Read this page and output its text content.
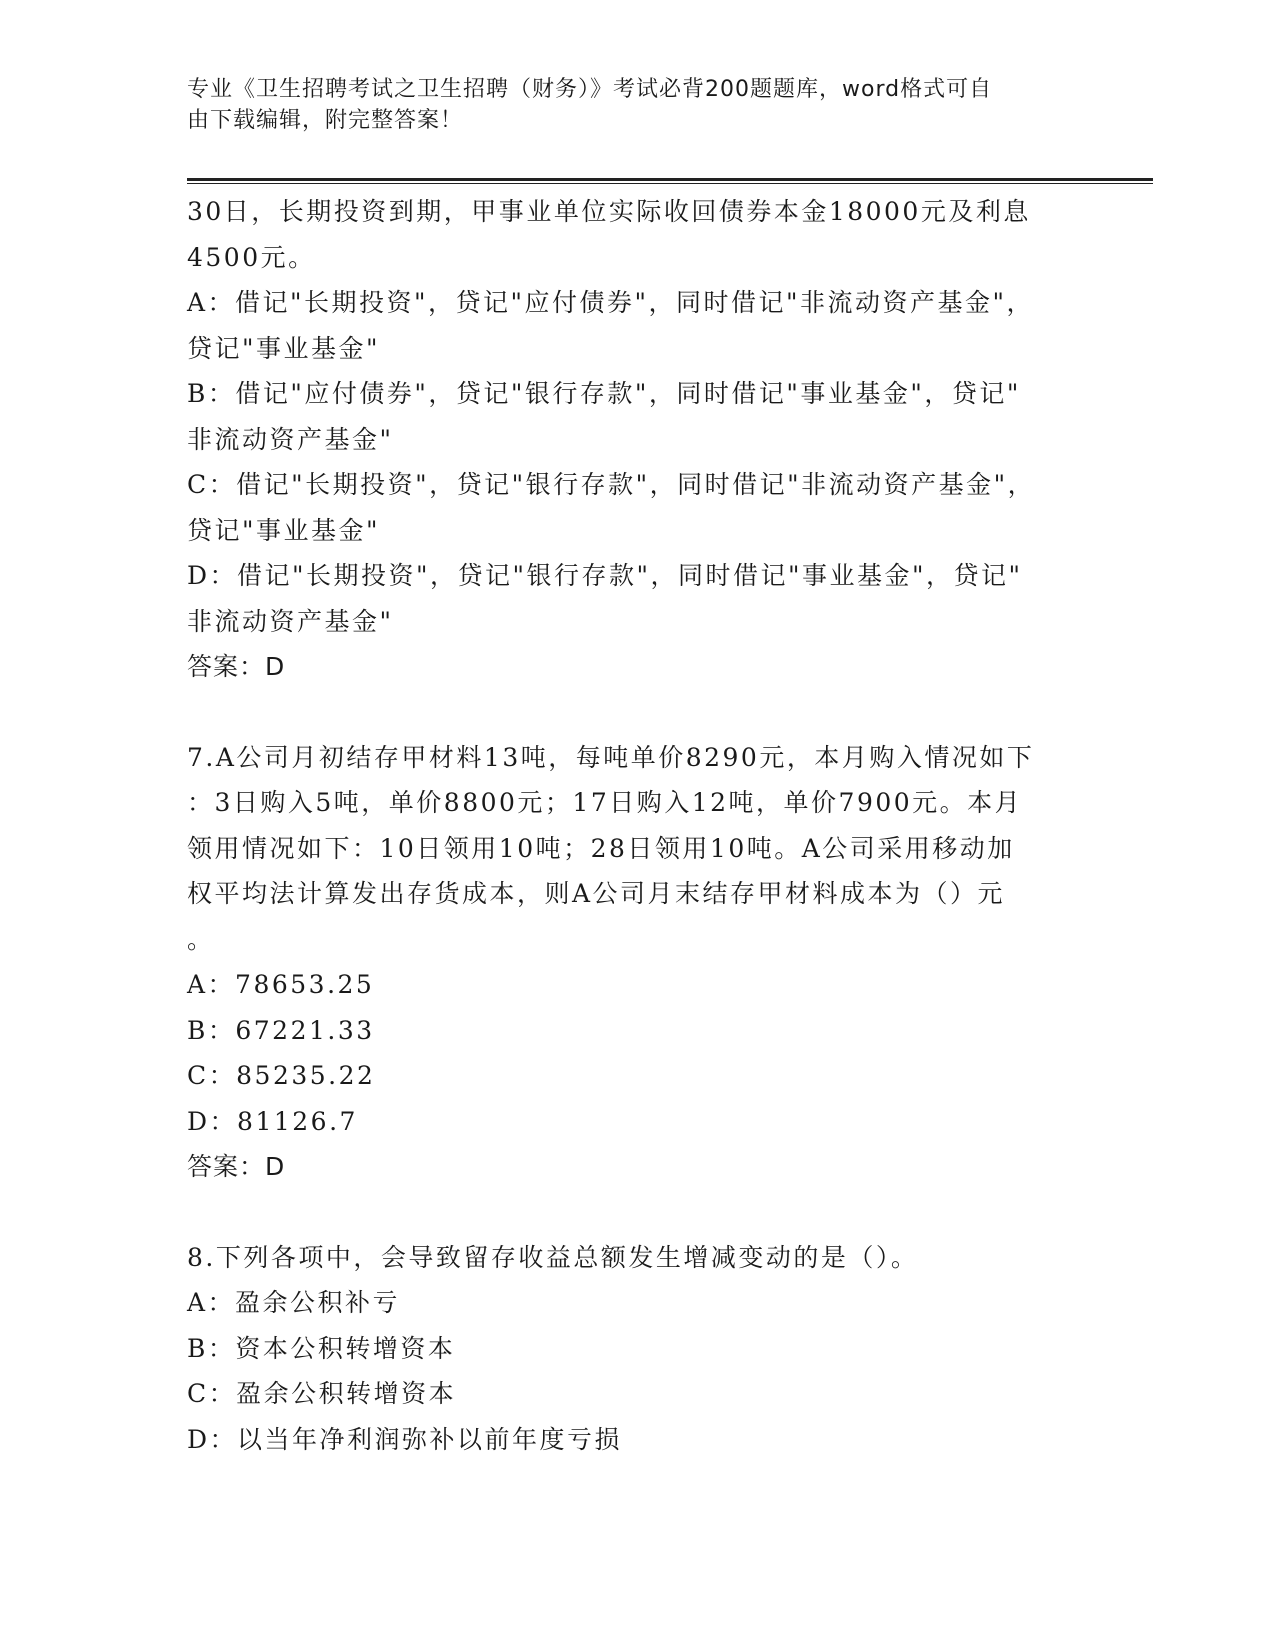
专业《卫生招聘考试之卫生招聘（财务）》考试必背200题题库，word格式可自
由下载编辑，附完整答案！
30日，长期投资到期，甲事业单位实际收回债券本金18000元及利息
4500元。
A：借记"长期投资"，贷记"应付债券"，同时借记"非流动资产基金"，
贷记"事业基金"
B：借记"应付债券"，贷记"银行存款"，同时借记"事业基金"，贷记"
非流动资产基金"
C：借记"长期投资"，贷记"银行存款"，同时借记"非流动资产基金"，
贷记"事业基金"
D：借记"长期投资"，贷记"银行存款"，同时借记"事业基金"，贷记"
非流动资产基金"
答案：D
7.A公司月初结存甲材料13吨，每吨单价8290元，本月购入情况如下
：3日购入5吨，单价8800元；17日购入12吨，单价7900元。本月
领用情况如下：10日领用10吨；28日领用10吨。A公司采用移动加
权平均法计算发出存货成本，则A公司月末结存甲材料成本为（）元
。
A：78653.25
B：67221.33
C：85235.22
D：81126.7
答案：D
8.下列各项中，会导致留存收益总额发生增减变动的是（）。
A：盈余公积补亏
B：资本公积转增资本
C：盈余公积转增资本
D：以当年净利润弥补以前年度亏损
